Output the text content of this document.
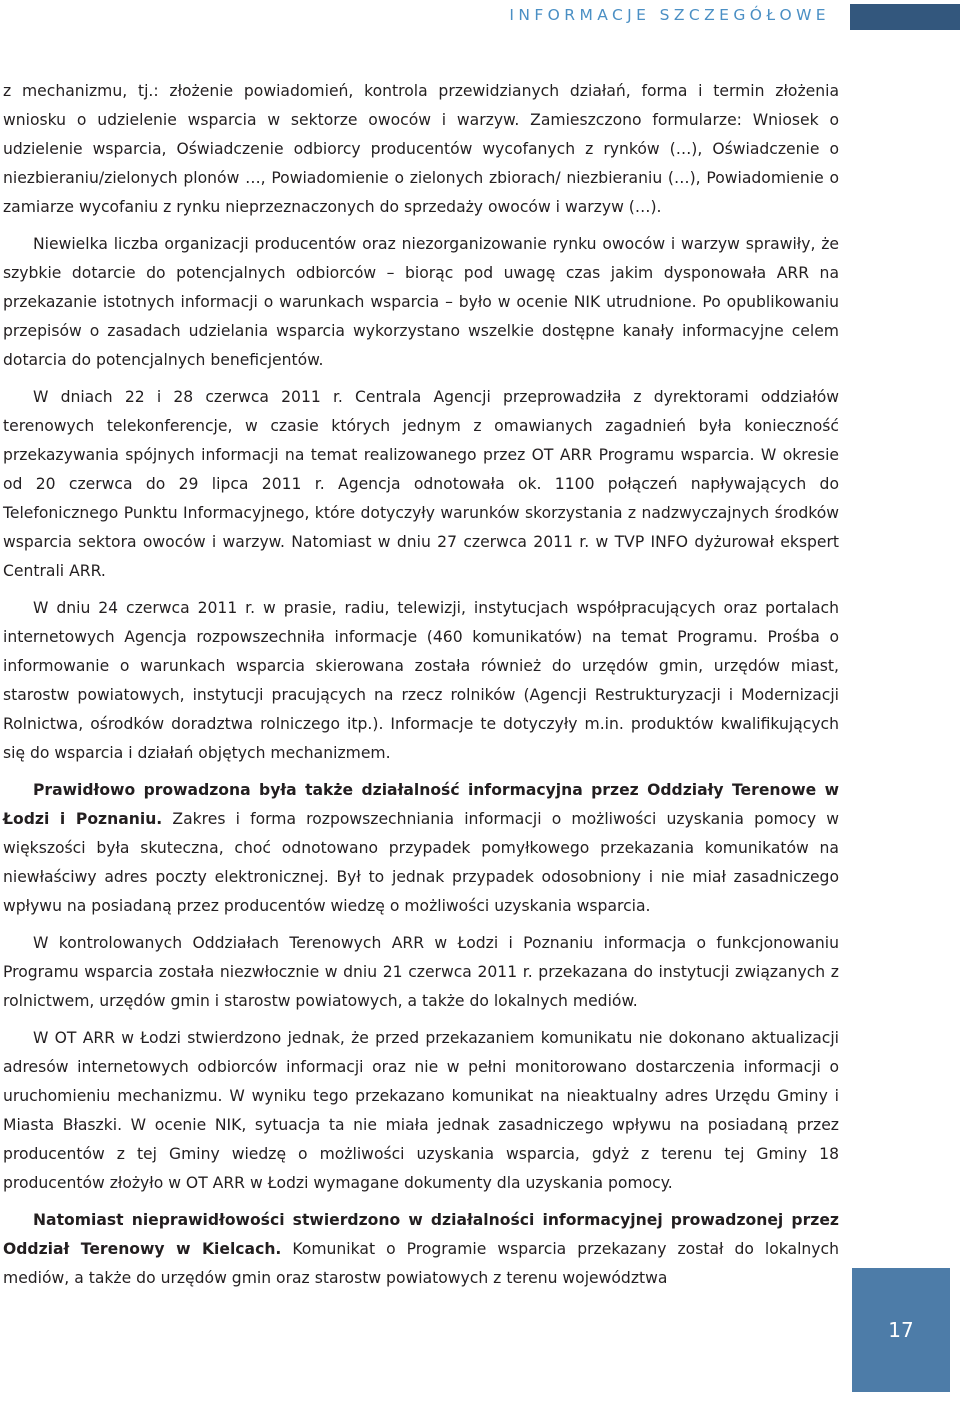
INFORMACJE SZCZEGÓŁOWE

z mechanizmu, tj.: złożenie powiadomień, kontrola przewidzianych działań, forma i termin złożenia wniosku o udzielenie wsparcia w sektorze owoców i warzyw. Zamieszczono formularze: Wniosek o udzielenie wsparcia, Oświadczenie odbiorcy producentów wycofanych z rynków (…), Oświadczenie o niezbieraniu/zielonych plonów …, Powiadomienie o zielonych zbiorach/ niezbieraniu (…), Powiadomienie o zamiarze wycofaniu z rynku nieprzeznaczonych do sprzedaży owoców i warzyw (…).

Niewielka liczba organizacji producentów oraz niezorganizowanie rynku owoców i warzyw sprawiły, że szybkie dotarcie do potencjalnych odbiorców – biorąc pod uwagę czas jakim dysponowała ARR na przekazanie istotnych informacji o warunkach wsparcia – było w ocenie NIK utrudnione. Po opublikowaniu przepisów o zasadach udzielania wsparcia wykorzystano wszelkie dostępne kanały informacyjne celem dotarcia do potencjalnych beneficjentów.

W dniach 22 i 28 czerwca 2011 r. Centrala Agencji przeprowadziła z dyrektorami oddziałów terenowych telekonferencje, w czasie których jednym z omawianych zagadnień była konieczność przekazywania spójnych informacji na temat realizowanego przez OT ARR Programu wsparcia. W okresie od 20 czerwca do 29 lipca 2011 r. Agencja odnotowała ok. 1100 połączeń napływających do Telefonicznego Punktu Informacyjnego, które dotyczyły warunków skorzystania z nadzwyczajnych środków wsparcia sektora owoców i warzyw. Natomiast w dniu 27 czerwca 2011 r. w TVP INFO dyżurował ekspert Centrali ARR.

W dniu 24 czerwca 2011 r. w prasie, radiu, telewizji, instytucjach współpracujących oraz portalach internetowych Agencja rozpowszechniła informacje (460 komunikatów) na temat Programu. Prośba o informowanie o warunkach wsparcia skierowana została również do urzędów gmin, urzędów miast, starostw powiatowych, instytucji pracujących na rzecz rolników (Agencji Restrukturyzacji i Modernizacji Rolnictwa, ośrodków doradztwa rolniczego itp.). Informacje te dotyczyły m.in. produktów kwalifikujących się do wsparcia i działań objętych mechanizmem.

Prawidłowo prowadzona była także działalność informacyjna przez Oddziały Terenowe w Łodzi i Poznaniu. Zakres i forma rozpowszechniania informacji o możliwości uzyskania pomocy w większości była skuteczna, choć odnotowano przypadek pomyłkowego przekazania komunikatów na niewłaściwy adres poczty elektronicznej. Był to jednak przypadek odosobniony i nie miał zasadniczego wpływu na posiadaną przez producentów wiedzę o możliwości uzyskania wsparcia.

W kontrolowanych Oddziałach Terenowych ARR w Łodzi i Poznaniu informacja o funkcjonowaniu Programu wsparcia została niezwłocznie w dniu 21 czerwca 2011 r. przekazana do instytucji związanych z rolnictwem, urzędów gmin i starostw powiatowych, a także do lokalnych mediów.

W OT ARR w Łodzi stwierdzono jednak, że przed przekazaniem komunikatu nie dokonano aktualizacji adresów internetowych odbiorców informacji oraz nie w pełni monitorowano dostarczenia informacji o uruchomieniu mechanizmu. W wyniku tego przekazano komunikat na nieaktualny adres Urzędu Gminy i Miasta Błaszki. W ocenie NIK, sytuacja ta nie miała jednak zasadniczego wpływu na posiadaną przez producentów z tej Gminy wiedzę o możliwości uzyskania wsparcia, gdyż z terenu tej Gminy 18 producentów złożyło w OT ARR w Łodzi wymagane dokumenty dla uzyskania pomocy.

Natomiast nieprawidłowości stwierdzono w działalności informacyjnej prowadzonej przez Oddział Terenowy w Kielcach. Komunikat o Programie wsparcia przekazany został do lokalnych mediów, a także do urzędów gmin oraz starostw powiatowych z terenu województwa

17
